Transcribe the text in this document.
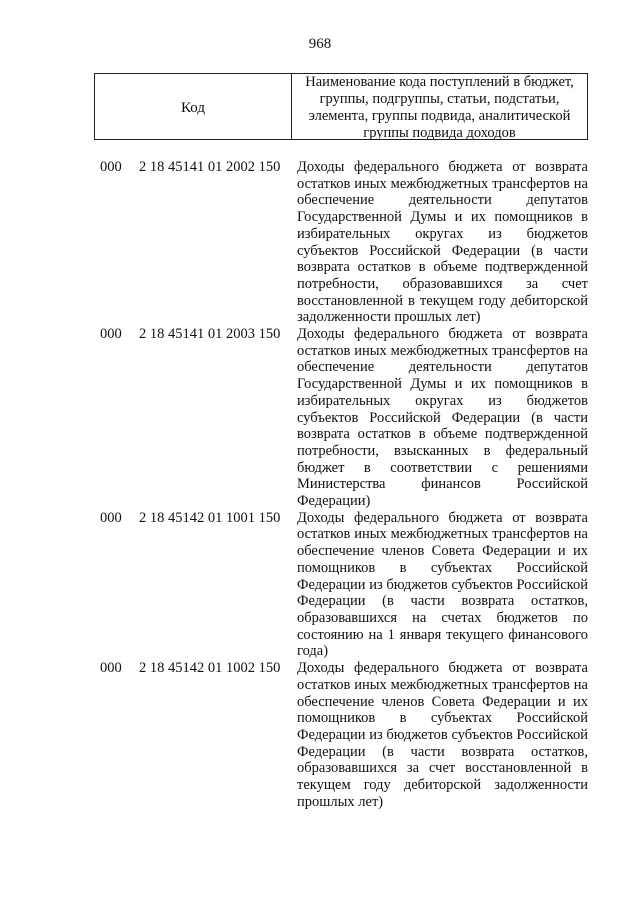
968
Код
Наименование кода поступлений в бюджет,
группы, подгруппы, статьи, подстатьи,
элемента, группы подвида, аналитической
группы подвида доходов
000 2 18 45141 01 2002 150 Доходы федерального бюджета от возврата остатков иных межбюджетных трансфертов на обеспечение деятельности депутатов Государственной Думы и их помощников в избирательных округах из бюджетов субъектов Российской Федерации (в части возврата остатков в объеме подтвержденной потребности, образовавшихся за счет восстановленной в текущем году дебиторской задолженности прошлых лет)
000 2 18 45141 01 2003 150 Доходы федерального бюджета от возврата остатков иных межбюджетных трансфертов на обеспечение деятельности депутатов Государственной Думы и их помощников в избирательных округах из бюджетов субъектов Российской Федерации (в части возврата остатков в объеме подтвержденной потребности, взысканных в федеральный бюджет в соответствии с решениями Министерства финансов Российской Федерации)
000 2 18 45142 01 1001 150 Доходы федерального бюджета от возврата остатков иных межбюджетных трансфертов на обеспечение членов Совета Федерации и их помощников в субъектах Российской Федерации из бюджетов субъектов Российской Федерации (в части возврата остатков, образовавшихся на счетах бюджетов по состоянию на 1 января текущего финансового года)
000 2 18 45142 01 1002 150 Доходы федерального бюджета от возврата остатков иных межбюджетных трансфертов на обеспечение членов Совета Федерации и их помощников в субъектах Российской Федерации из бюджетов субъектов Российской Федерации (в части возврата остатков, образовавшихся за счет восстановленной в текущем году дебиторской задолженности прошлых лет)
